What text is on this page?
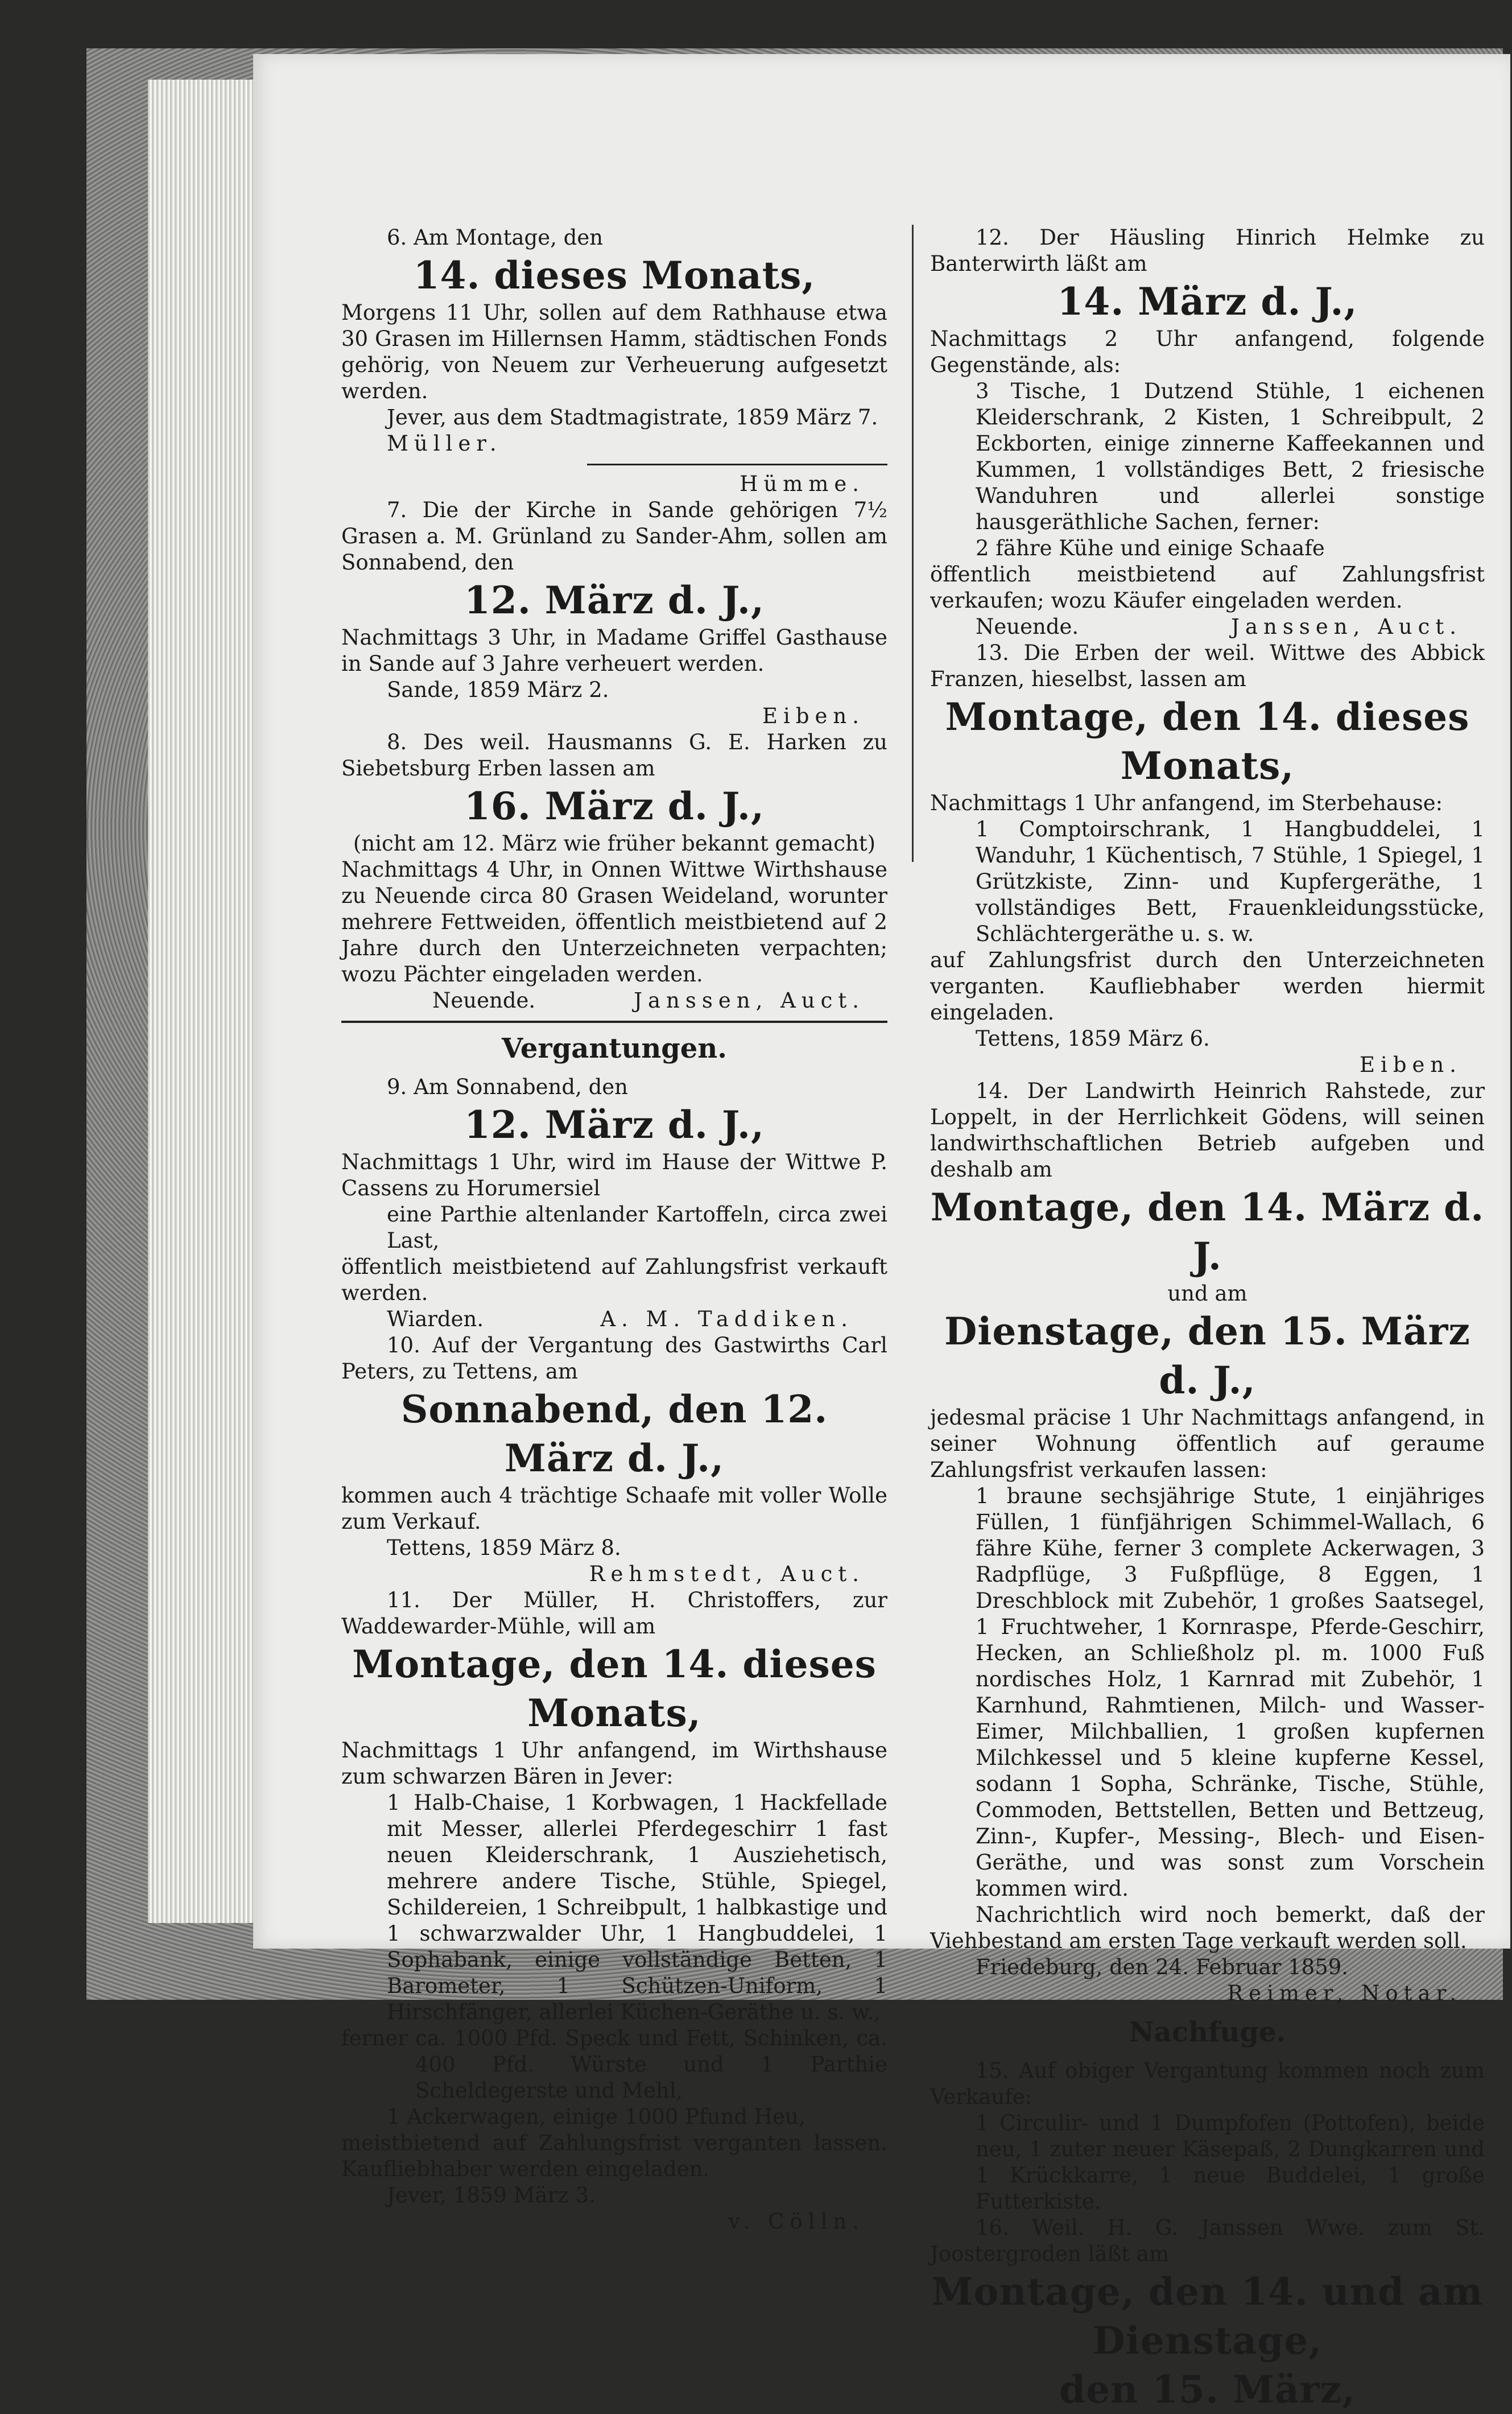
6. Am Montage, den

14. dieses Monats,

Morgens 11 Uhr, sollen auf dem Rathhause etwa 30 Grasen im Hillernsen Hamm, städtischen Fonds gehörig, von Neuem zur Verheuerung aufgesetzt werden.

Jever, aus dem Stadtmagistrate, 1859 März 7.

Müller.

Hümme.

7. Die der Kirche in Sande gehörigen 7½ Grasen a. M. Grünland zu Sander-Ahm, sollen am Sonnabend, den

12. März d. J.,

Nachmittags 3 Uhr, in Madame Griffel Gasthause in Sande auf 3 Jahre verheuert werden.

Sande, 1859 März 2.

Eiben.

8. Des weil. Hausmanns G. E. Harken zu Siebetsburg Erben lassen am

16. März d. J.,

(nicht am 12. März wie früher bekannt gemacht)

Nachmittags 4 Uhr, in Onnen Wittwe Wirthshause zu Neuende circa 80 Grasen Weideland, worunter mehrere Fettweiden, öffentlich meistbietend auf 2 Jahre durch den Unterzeichneten verpachten; wozu Pächter eingeladen werden.

Neuende.	Janssen, Auct.
Vergantungen.

9. Am Sonnabend, den

12. März d. J.,

Nachmittags 1 Uhr, wird im Hause der Wittwe P. Cassens zu Horumersiel

eine Parthie altenlander Kartoffeln, circa zwei Last,

öffentlich meistbietend auf Zahlungsfrist verkauft werden.

Wiarden.	A. M. Taddiken.

10. Auf der Vergantung des Gastwirths Carl Peters, zu Tettens, am

Sonnabend, den 12. März d. J.,

kommen auch 4 trächtige Schaafe mit voller Wolle zum Verkauf.

Tettens, 1859 März 8.

Rehmstedt, Auct.

11. Der Müller, H. Christoffers, zur Waddewarder-Mühle, will am

Montage, den 14. dieses Monats,

Nachmittags 1 Uhr anfangend, im Wirthshause zum schwarzen Bären in Jever:

1 Halb-Chaise, 1 Korbwagen, 1 Hackfellade mit Messer, allerlei Pferdegeschirr 1 fast neuen Kleiderschrank, 1 Ausziehetisch, mehrere andere Tische, Stühle, Spiegel, Schildereien, 1 Schreibpult, 1 halbkastige und 1 schwarzwalder Uhr, 1 Hangbuddelei, 1 Sophabank, einige vollständige Betten, 1 Barometer, 1 Schützen-Uniform, 1 Hirschfänger, allerlei Küchen-Geräthe u. s. w.,

ferner ca. 1000 Pfd. Speck und Fett, Schinken, ca. 400 Pfd. Würste und 1 Parthie Scheldegerste und Mehl,

1 Ackerwagen, einige 1000 Pfund Heu,

meistbietend auf Zahlungsfrist verganten lassen. Kaufliebhaber werden eingeladen.

Jever, 1859 März 3.

v. Cölln.

12. Der Häusling Hinrich Helmke zu Banterwirth läßt am

14. März d. J.,

Nachmittags 2 Uhr anfangend, folgende Gegenstände, als:

3 Tische, 1 Dutzend Stühle, 1 eichenen Kleiderschrank, 2 Kisten, 1 Schreibpult, 2 Eckborten, einige zinnerne Kaffeekannen und Kummen, 1 vollständiges Bett, 2 friesische Wanduhren und allerlei sonstige hausgeräthliche Sachen, ferner:

2 fähre Kühe und einige Schaafe

öffentlich meistbietend auf Zahlungsfrist verkaufen; wozu Käufer eingeladen werden.

Neuende.	Janssen, Auct.

13. Die Erben der weil. Wittwe des Abbick Franzen, hieselbst, lassen am

Montage, den 14. dieses Monats,

Nachmittags 1 Uhr anfangend, im Sterbehause:

1 Comptoirschrank, 1 Hangbuddelei, 1 Wanduhr, 1 Küchentisch, 7 Stühle, 1 Spiegel, 1 Grützkiste, Zinn- und Kupfergeräthe, 1 vollständiges Bett, Frauenkleidungsstücke, Schlächtergeräthe u. s. w.

auf Zahlungsfrist durch den Unterzeichneten verganten. Kaufliebhaber werden hiermit eingeladen.

Tettens, 1859 März 6.

Eiben.

14. Der Landwirth Heinrich Rahstede, zur Loppelt, in der Herrlichkeit Gödens, will seinen landwirthschaftlichen Betrieb aufgeben und deshalb am

Montage, den 14. März d. J.

und am

Dienstage, den 15. März d. J.,

jedesmal präcise 1 Uhr Nachmittags anfangend, in seiner Wohnung öffentlich auf geraume Zahlungsfrist verkaufen lassen:

1 braune sechsjährige Stute, 1 einjähriges Füllen, 1 fünfjährigen Schimmel-Wallach, 6 fähre Kühe, ferner 3 complete Ackerwagen, 3 Radpflüge, 3 Fußpflüge, 8 Eggen, 1 Dreschblock mit Zubehör, 1 großes Saatsegel, 1 Fruchtweher, 1 Kornraspe, Pferde-Geschirr, Hecken, an Schließholz pl. m. 1000 Fuß nordisches Holz, 1 Karnrad mit Zubehör, 1 Karnhund, Rahmtienen, Milch- und Wasser-Eimer, Milchballien, 1 großen kupfernen Milchkessel und 5 kleine kupferne Kessel, sodann 1 Sopha, Schränke, Tische, Stühle, Commoden, Bettstellen, Betten und Bettzeug, Zinn-, Kupfer-, Messing-, Blech- und Eisen-Geräthe, und was sonst zum Vorschein kommen wird.

Nachrichtlich wird noch bemerkt, daß der Viehbestand am ersten Tage verkauft werden soll.

Friedeburg, den 24. Februar 1859.

Reimer, Notar.

Nachfuge.

15. Auf obiger Vergantung kommen noch zum Verkaufe:

1 Circulir- und 1 Dumpfofen (Pottofen), beide neu, 1 zuter neuer Käsepaß, 2 Dungkarren und 1 Krückkarre, 1 neue Buddelei, 1 große Futterkiste.

16. Weil. H. G. Janssen Wwe. zum St. Joostergroden läßt am

Montage, den 14. und am Dienstage,
den 15. März,
